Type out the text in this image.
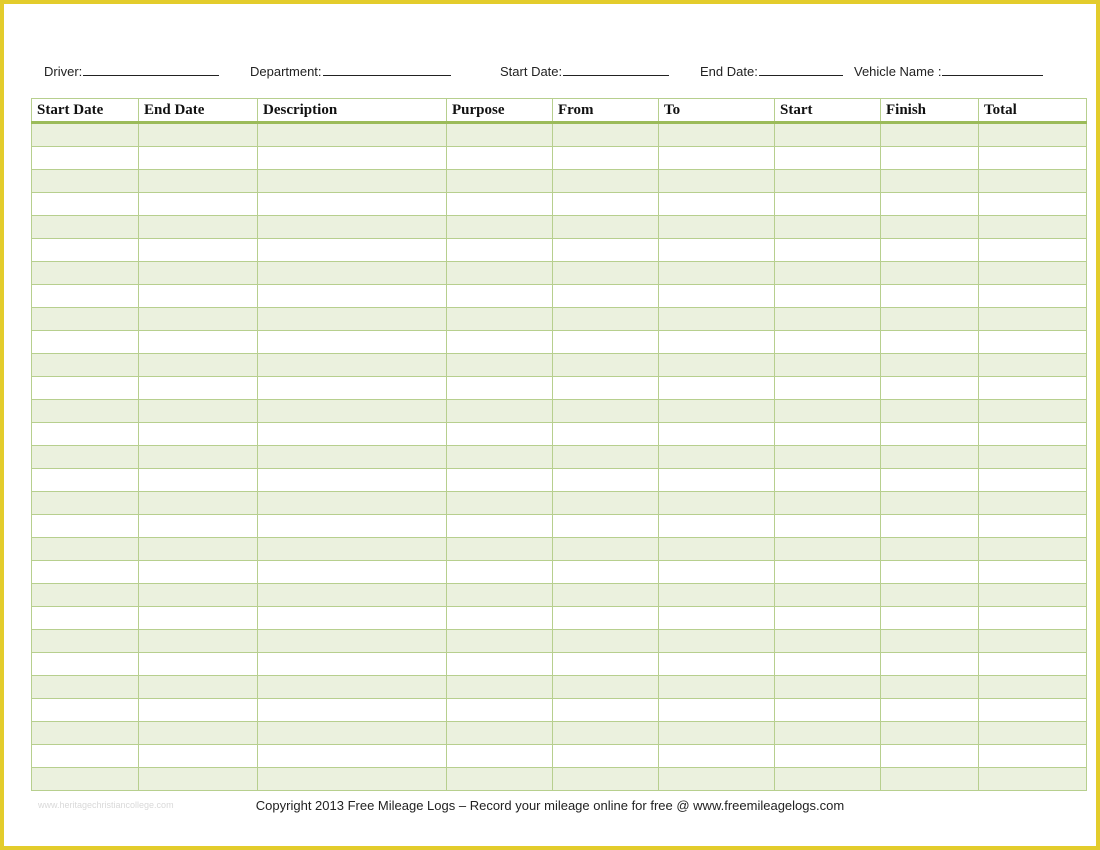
Driver:	Department:	Start Date:	End Date:	Vehicle Name :
Start Date	End Date	Description	Purpose	From	To	Start	Finish	Total

www.heritagechristiancollege.com	Copyright 2013 Free Mileage Logs – Record your mileage online for free @ www.freemileagelogs.com
